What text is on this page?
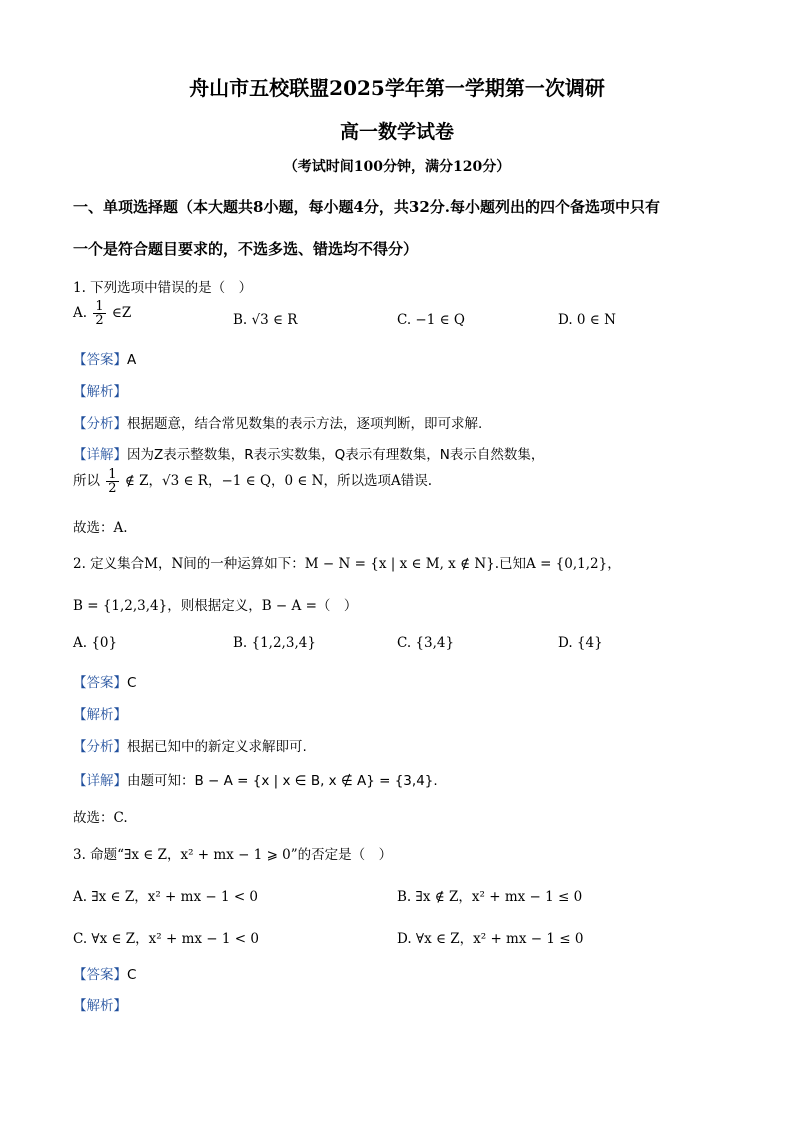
舟山市五校联盟2025学年第一学期第一次调研
高一数学试卷
（考试时间100分钟，满分120分）
一、单项选择题（本大题共8小题，每小题4分，共32分.每小题列出的四个备选项中只有
一个是符合题目要求的，不选多选、错选均不得分）
1. 下列选项中错误的是（　）
A. $\frac{1}{2}$ ∈Z	B. √3 ∈ R	C. −1 ∈ Q	D. 0 ∈ N
【答案】A
【解析】
【分析】根据题意，结合常见数集的表示方法，逐项判断，即可求解.
【详解】因为Z表示整数集，R表示实数集，Q表示有理数集，N表示自然数集，
所以 $\frac{1}{2}$ ∉ Z，√3 ∈ R，−1 ∈ Q，0 ∈ N，所以选项A错误.
故选：A.
2. 定义集合M，N间的一种运算如下：M − N = {x | x ∈ M, x ∉ N}.已知A = {0,1,2}，
B = {1,2,3,4}，则根据定义，B − A =（　）
A. {0}	B. {1,2,3,4}	C. {3,4}	D. {4}
【答案】C
【解析】
【分析】根据已知中的新定义求解即可.
【详解】由题可知：B − A = {x | x ∈ B, x ∉ A} = {3,4}.
故选：C.
3. 命题“∃x ∈ Z，x² + mx − 1 ⩾ 0”的否定是（　）
A. ∃x ∈ Z，x² + mx − 1 < 0	B. ∃x ∉ Z，x² + mx − 1 ≤ 0
C. ∀x ∈ Z，x² + mx − 1 < 0	D. ∀x ∈ Z，x² + mx − 1 ≤ 0
【答案】C
【解析】
